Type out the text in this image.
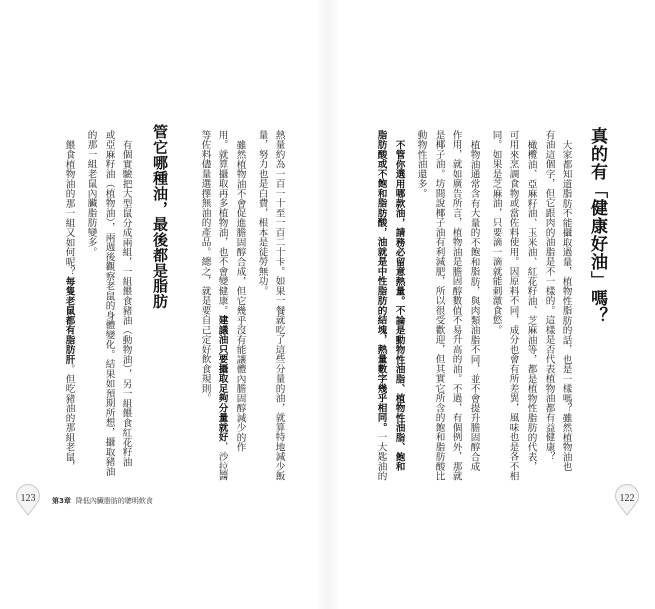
熱量約為一百一十至一百二十卡。如果一餐就吃了這些分量的油，就算特地減少飯
量，努力也是白費，根本是徒勞無功。
雖然植物油不會促進膽固醇合成，但它幾乎沒有能讓體內膽固醇減少的作
用。就算攝取再多植物油，也不會變健康。建議油只要攝取足夠分量就好，沙拉醬
等佐料儘量選擇無油的產品。總之，就是要自己定好飲食規則。
管它哪種油，最後都是脂肪
有個實驗把大型鼠分成兩組，一組餵食豬油（動物油），另一組餵食紅花籽油
或亞麻籽油（植物油），兩週後觀察老鼠的身體變化。結果如預期所想，攝取豬油
的那一組老鼠內臟脂肪變多。
餵食植物油的那一組又如何呢？每隻老鼠都有脂肪肝。但吃豬油的那組老鼠，
123	第3章 降低內臟脂肪的聰明飲食
真的有「健康好油」嗎？
大家都知道脂肪不能攝取過量，植物性脂肪的話，也是一樣嗎？雖然植物油也
有油這個字，但它跟肉的油脂是不一樣的。這樣是否代表植物油都有益健康？
橄欖油、亞麻籽油、玉米油、紅花籽油、芝麻油等，都是植物性脂肪的代表，
可用來烹調食物或當佐料使用。因原料不同，成分也會有所差異，風味也是各不相
同。如果是芝麻油，只要滴一滴就能刺激食慾。
植物油通常含有大量的不飽和脂肪，與肉類油脂不同，並不會提升膽固醇合成
作用，就如廣告所言，植物油是膽固醇數值不易升高的油。不過，有個例外，那就
是椰子油。坊間說椰子油有利減肥，所以很受歡迎，但其實它所含的飽和脂肪酸比
動物性油還多。
不管你選用哪款油，請務必留意熱量。不論是動物性油脂、植物性油脂、飽和
脂肪酸或不飽和脂肪酸，油就是中性脂肪的結塊，熱量數字幾乎相同。一大匙油的
122
